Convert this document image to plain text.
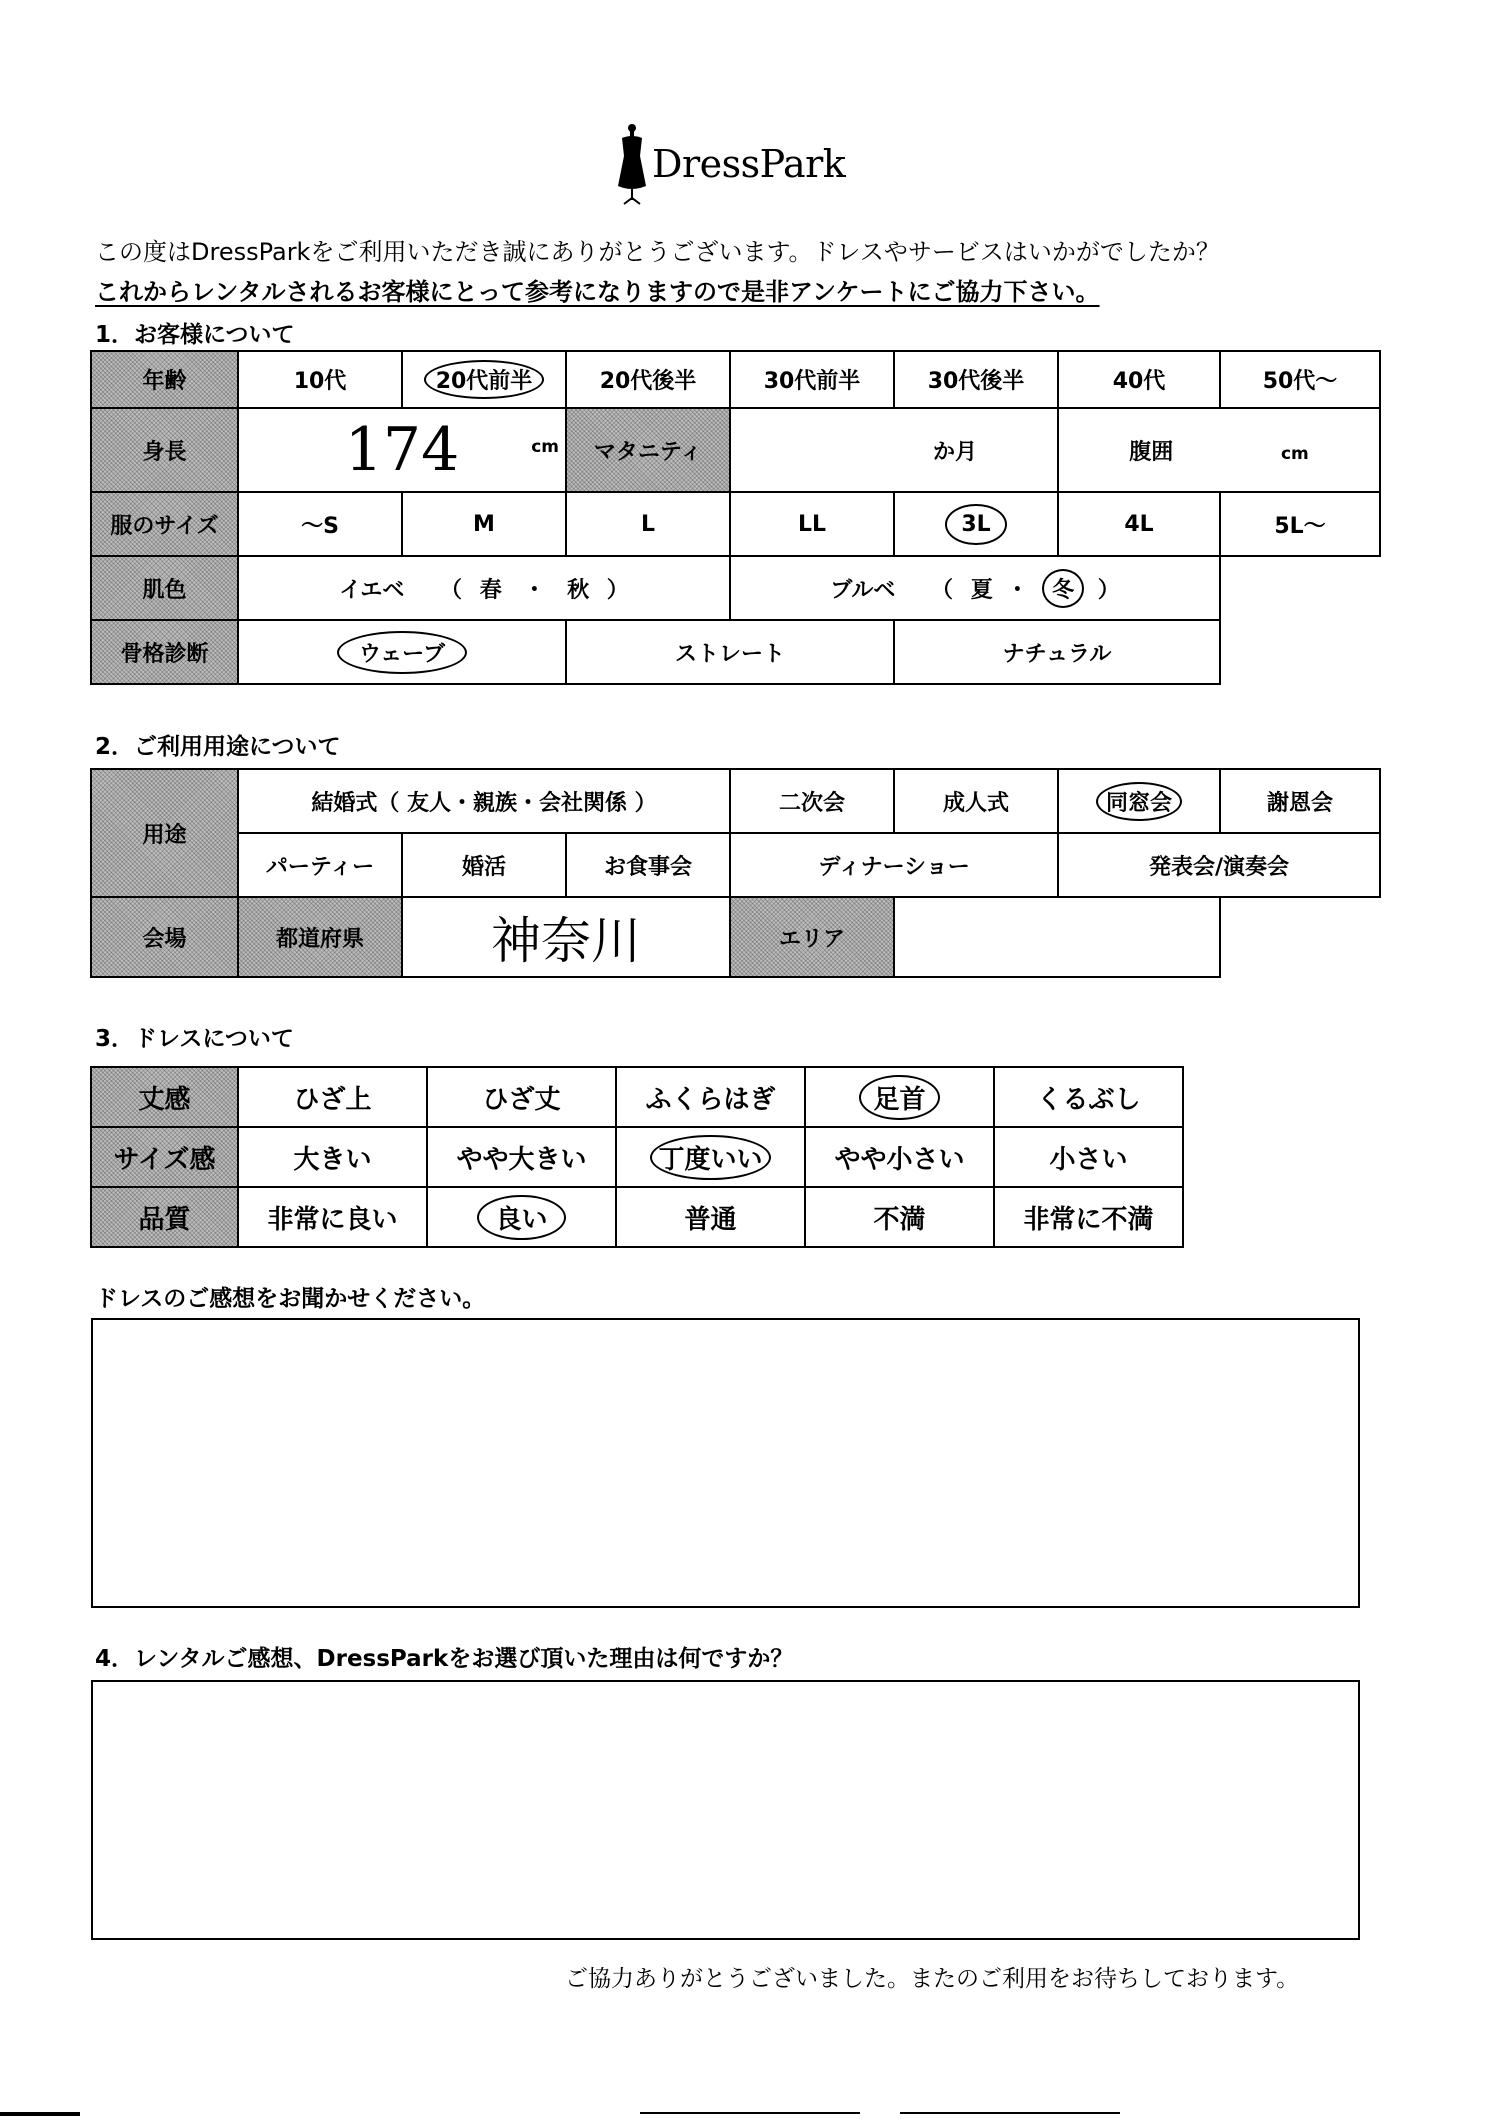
DressPark
この度はDressParkをご利用いただき誠にありがとうございます。ドレスやサービスはいかがでしたか？
これからレンタルされるお客様にとって参考になりますので是非アンケートにご協力下さい。
1．お客様について
年齢	10代	20代前半	20代後半	30代前半	30代後半	40代	50代～
身長	174 cm		マタニティ	か月		腹囲 cm	
服のサイズ	～S	M	L	LL	3L	4L	5L～
肌色	イエベ （ 春 ・ 秋 ）			ブルベ （ 夏 ・ 冬 ）			
骨格診断	ウェーブ		ストレート		ナチュラル		
2．ご利用用途について
用途	結婚式（ 友人・親族・会社関係 ）			二次会	成人式	同窓会	謝恩会
	パーティー	婚活	お食事会	ディナーショー		発表会/演奏会	
会場	都道府県	神奈川		エリア			
3．ドレスについて
丈感	ひざ上	ひざ丈	ふくらはぎ	足首	くるぶし
サイズ感	大きい	やや大きい	丁度いい	やや小さい	小さい
品質	非常に良い	良い	普通	不満	非常に不満
ドレスのご感想をお聞かせください。
4．レンタルご感想、DressParkをお選び頂いた理由は何ですか？
ご協力ありがとうございました。またのご利用をお待ちしております。
